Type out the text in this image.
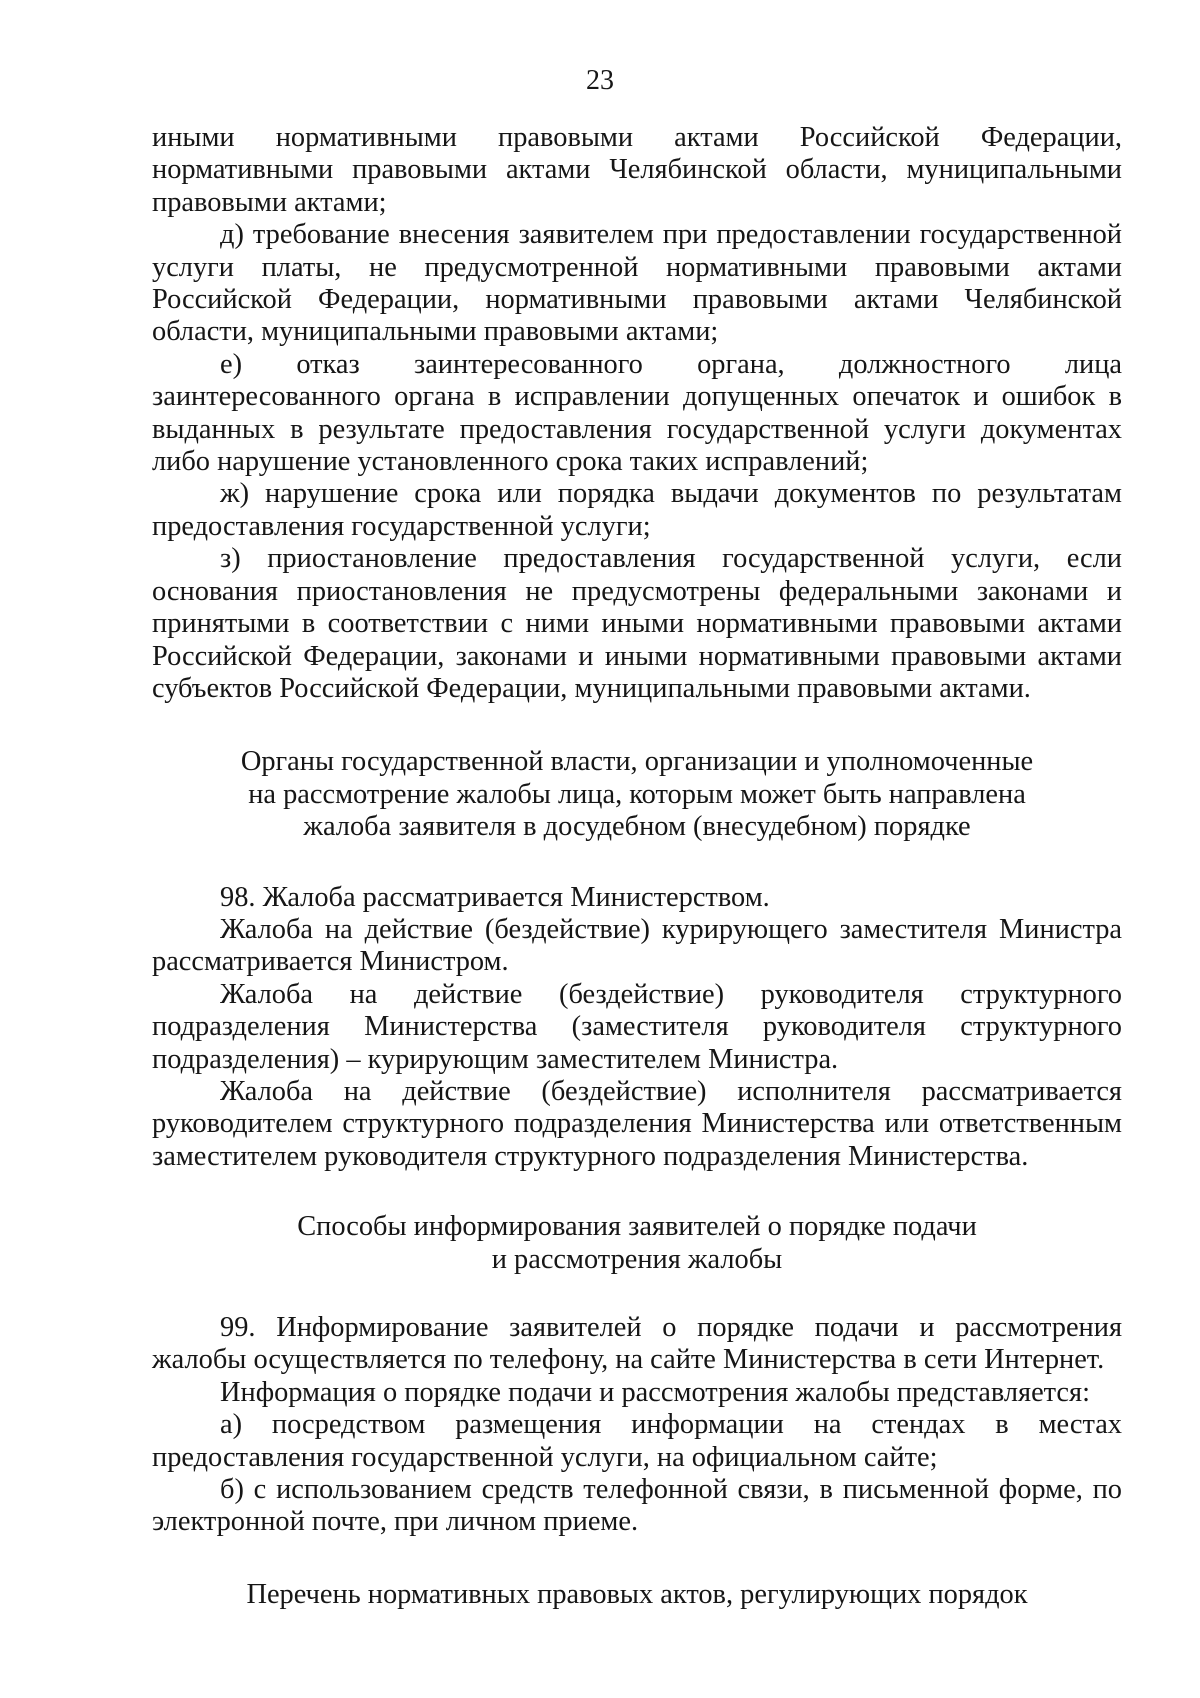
23

иными нормативными правовыми актами Российской Федерации, нормативными правовыми актами Челябинской области, муниципальными правовыми актами;

д) требование внесения заявителем при предоставлении государственной услуги платы, не предусмотренной нормативными правовыми актами Российской Федерации, нормативными правовыми актами Челябинской области, муниципальными правовыми актами;

е) отказ заинтересованного органа, должностного лица заинтересованного органа в исправлении допущенных опечаток и ошибок в выданных в результате предоставления государственной услуги документах либо нарушение установленного срока таких исправлений;

ж) нарушение срока или порядка выдачи документов по результатам предоставления государственной услуги;

з) приостановление предоставления государственной услуги, если основания приостановления не предусмотрены федеральными законами и принятыми в соответствии с ними иными нормативными правовыми актами Российской Федерации, законами и иными нормативными правовыми актами субъектов Российской Федерации, муниципальными правовыми актами.

Органы государственной власти, организации и уполномоченные
на рассмотрение жалобы лица, которым может быть направлена
жалоба заявителя в досудебном (внесудебном) порядке

98. Жалоба рассматривается Министерством.

Жалоба на действие (бездействие) курирующего заместителя Министра рассматривается Министром.

Жалоба на действие (бездействие) руководителя структурного подразделения Министерства (заместителя руководителя структурного подразделения) – курирующим заместителем Министра.

Жалоба на действие (бездействие) исполнителя рассматривается руководителем структурного подразделения Министерства или ответственным заместителем руководителя структурного подразделения Министерства.

Способы информирования заявителей о порядке подачи
и рассмотрения жалобы

99. Информирование заявителей о порядке подачи и рассмотрения жалобы осуществляется по телефону, на сайте Министерства в сети Интернет.

Информация о порядке подачи и рассмотрения жалобы представляется:

а) посредством размещения информации на стендах в местах предоставления государственной услуги, на официальном сайте;

б) с использованием средств телефонной связи, в письменной форме, по электронной почте, при личном приеме.

Перечень нормативных правовых актов, регулирующих порядок
